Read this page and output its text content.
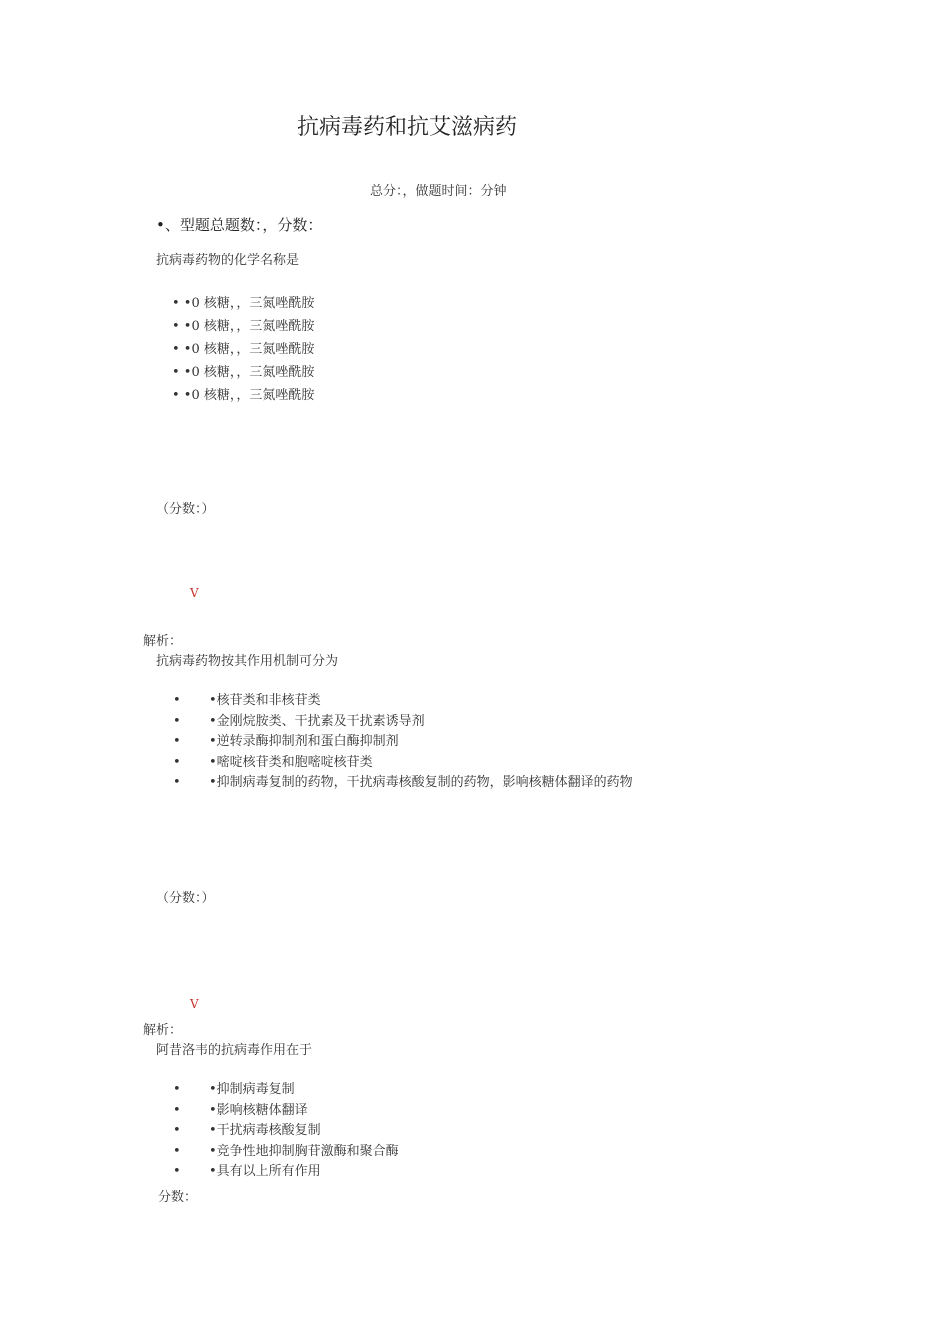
抗病毒药和抗艾滋病药
总分：，做题时间：分钟
•、型题总题数：，分数：
抗病毒药物的化学名称是
• •0 核糖，，三氮唑酰胺
• •0 核糖，，三氮唑酰胺
• •0 核糖，，三氮唑酰胺
• •0 核糖，，三氮唑酰胺
• •0 核糖，，三氮唑酰胺
（分数：）
V
解析：
抗病毒药物按其作用机制可分为
• •核苷类和非核苷类
• •金刚烷胺类、干扰素及干扰素诱导剂
• •逆转录酶抑制剂和蛋白酶抑制剂
• •嘧啶核苷类和胞嘧啶核苷类
• •抑制病毒复制的药物，干扰病毒核酸复制的药物，影响核糖体翻译的药物
（分数：）
V
解析：
阿昔洛韦的抗病毒作用在于
• •抑制病毒复制
• •影响核糖体翻译
• •干扰病毒核酸复制
• •竞争性地抑制胸苷激酶和聚合酶
• •具有以上所有作用
分数：
